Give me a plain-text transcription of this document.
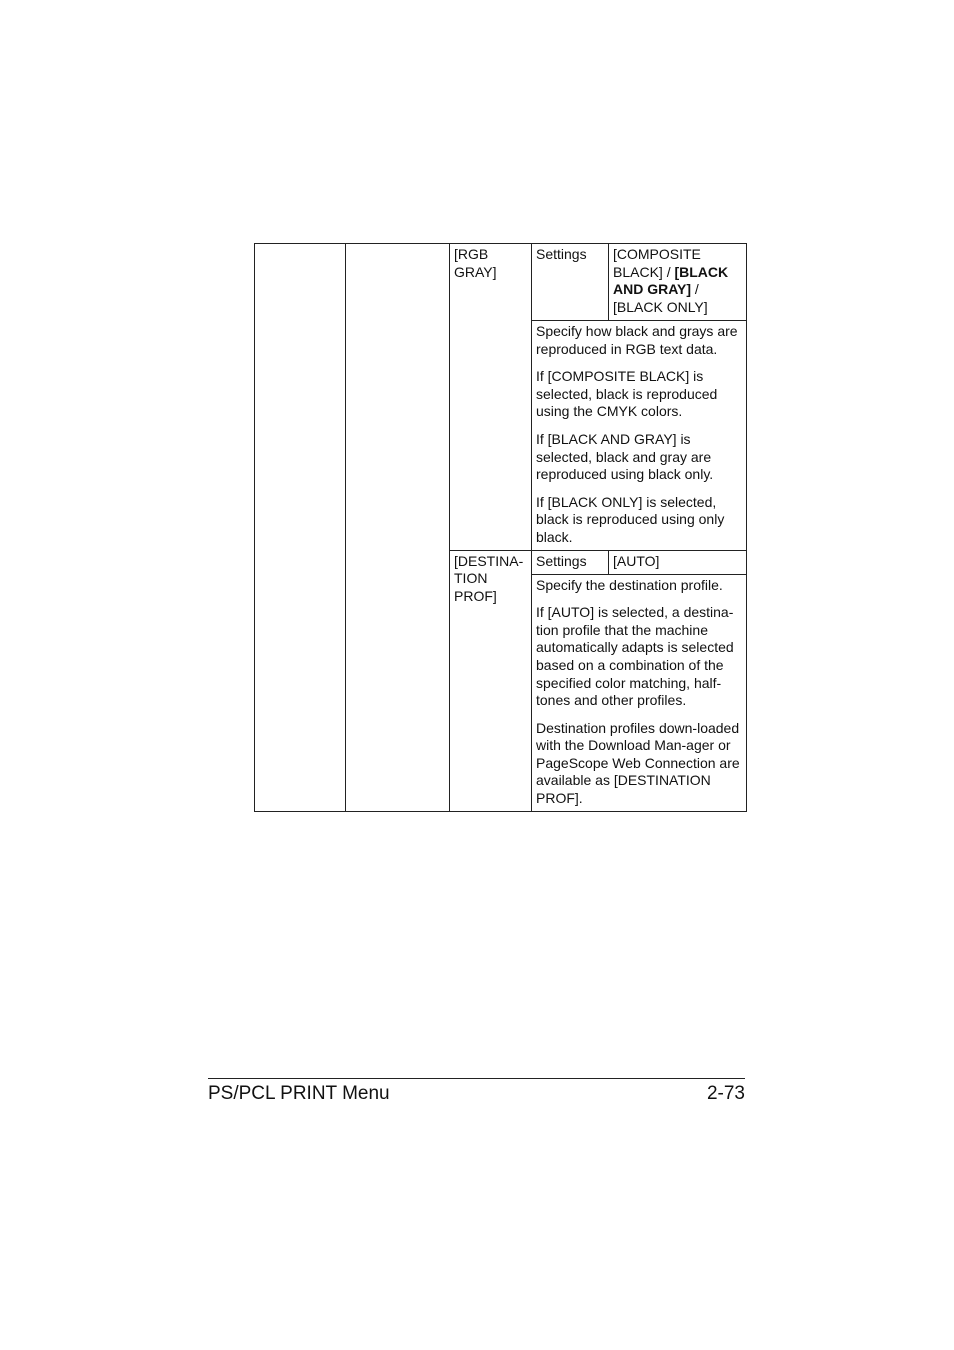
		[RGB GRAY]	Settings	[COMPOSITE BLACK] / [BLACK AND GRAY] / [BLACK ONLY]

			Specify how black and grays are reproduced in RGB text data.

If [COMPOSITE BLACK] is selected, black is reproduced using the CMYK colors.

If [BLACK AND GRAY] is selected, black and gray are reproduced using black only.

If [BLACK ONLY] is selected, black is reproduced using only black.	

		[DESTINA-TION PROF]	Settings	[AUTO]

			Specify the destination profile.

If [AUTO] is selected, a destina-tion profile that the machine automatically adapts is selected based on a combination of the specified color matching, half-tones and other profiles.

Destination profiles down-loaded with the Download Man-ager or PageScope Web Connection are available as [DESTINATION PROF].	

PS/PCL PRINT Menu	2-73
